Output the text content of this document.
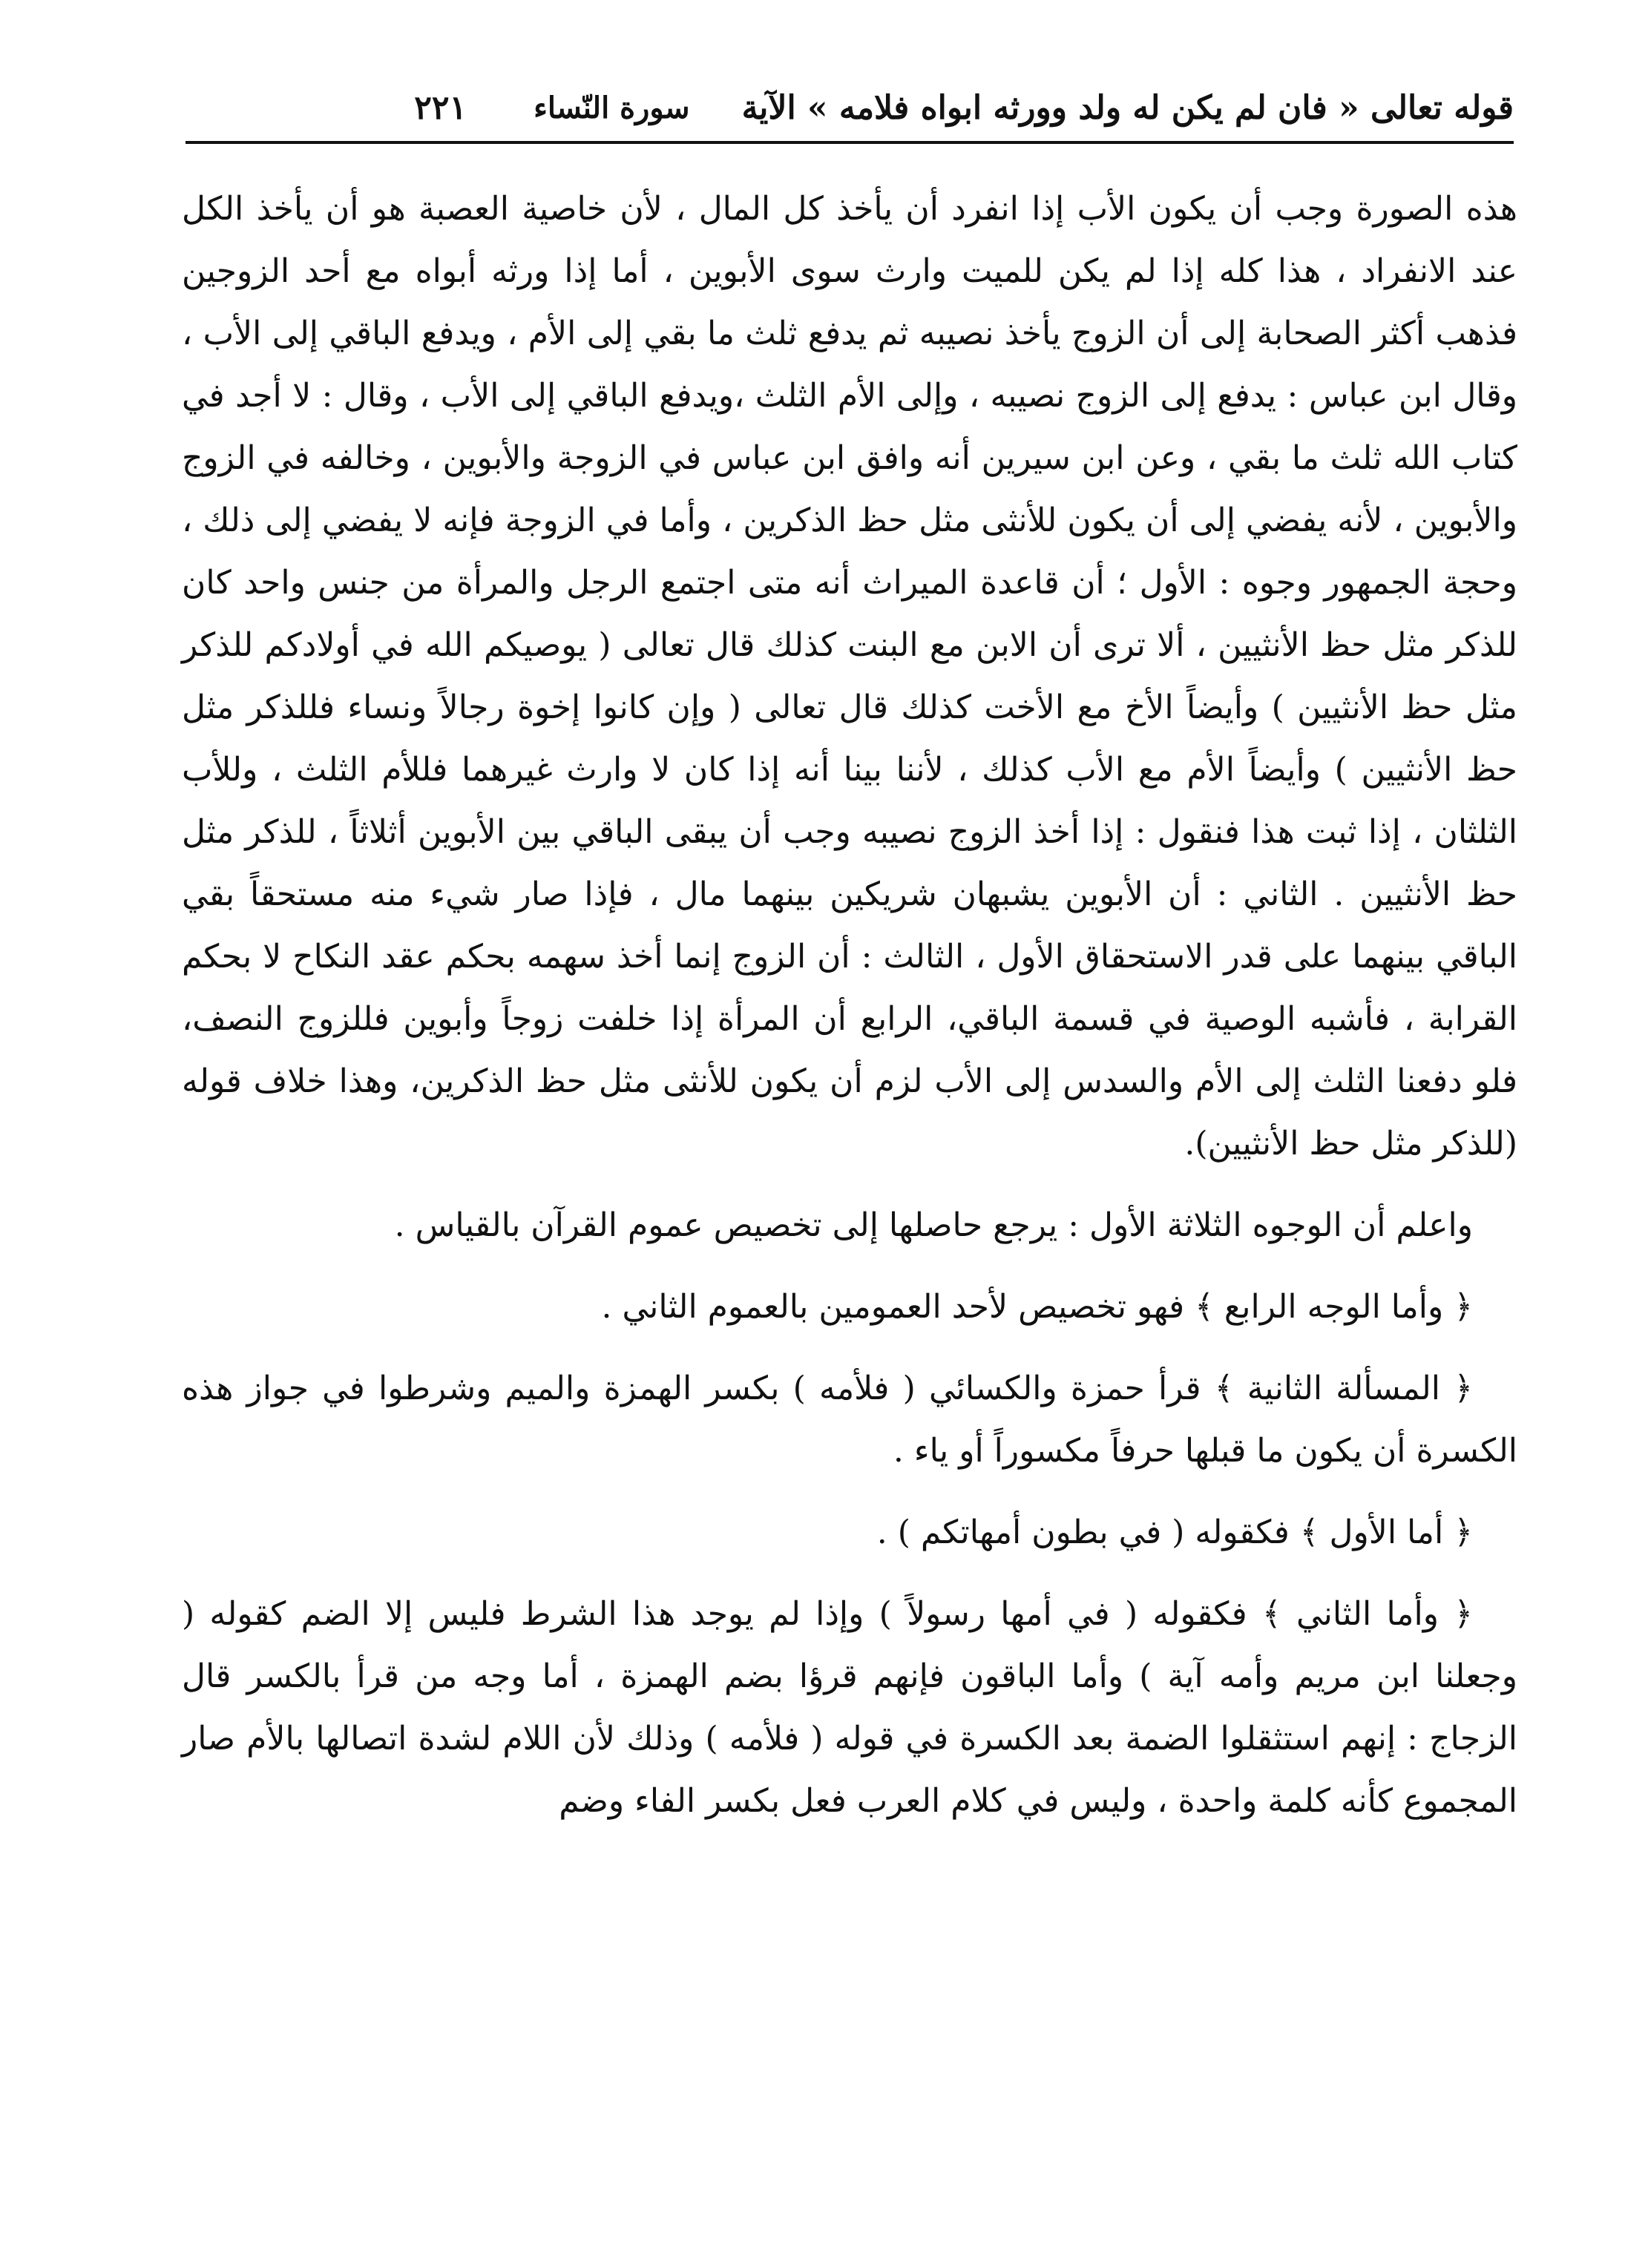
قوله تعالى « فان لم يكن له ولد وورثه ابواه فلامه » الآية
سورة النّساء
٢٢١

هذه الصورة وجب أن يكون الأب إذا انفرد أن يأخذ كل المال ، لأن خاصية العصبة هو أن يأخذ الكل عند الانفراد ، هذا كله إذا لم يكن للميت وارث سوى الأبوين ، أما إذا ورثه أبواه مع أحد الزوجين فذهب أكثر الصحابة إلى أن الزوج يأخذ نصيبه ثم يدفع ثلث ما بقي إلى الأم ، ويدفع الباقي إلى الأب ، وقال ابن عباس : يدفع إلى الزوج نصيبه ، وإلى الأم الثلث ،ويدفع الباقي إلى الأب ، وقال : لا أجد في كتاب الله ثلث ما بقي ، وعن ابن سيرين أنه وافق ابن عباس في الزوجة والأبوين ، وخالفه في الزوج والأبوين ، لأنه يفضي إلى أن يكون للأنثى مثل حظ الذكرين ، وأما في الزوجة فإنه لا يفضي إلى ذلك ، وحجة الجمهور وجوه : الأول ؛ أن قاعدة الميراث أنه متى اجتمع الرجل والمرأة من جنس واحد كان للذكر مثل حظ الأنثيين ، ألا ترى أن الابن مع البنت كذلك قال تعالى ( يوصيكم الله في أولادكم للذكر مثل حظ الأنثيين ) وأيضاً الأخ مع الأخت كذلك قال تعالى ( وإن كانوا إخوة رجالاً ونساء فللذكر مثل حظ الأنثيين ) وأيضاً الأم مع الأب كذلك ، لأننا بينا أنه إذا كان لا وارث غيرهما فللأم الثلث ، وللأب الثلثان ، إذا ثبت هذا فنقول : إذا أخذ الزوج نصيبه وجب أن يبقى الباقي بين الأبوين أثلاثاً ، للذكر مثل حظ الأنثيين . الثاني : أن الأبوين يشبهان شريكين بينهما مال ، فإذا صار شيء منه مستحقاً بقي الباقي بينهما على قدر الاستحقاق الأول ، الثالث : أن الزوج إنما أخذ سهمه بحكم عقد النكاح لا بحكم القرابة ، فأشبه الوصية في قسمة الباقي، الرابع أن المرأة إذا خلفت زوجاً وأبوين فللزوج النصف، فلو دفعنا الثلث إلى الأم والسدس إلى الأب لزم أن يكون للأنثى مثل حظ الذكرين، وهذا خلاف قوله (للذكر مثل حظ الأنثيين).

واعلم أن الوجوه الثلاثة الأول : يرجع حاصلها إلى تخصيص عموم القرآن بالقياس .

﴿ وأما الوجه الرابع ﴾ فهو تخصيص لأحد العمومين بالعموم الثاني .

﴿ المسألة الثانية ﴾ قرأ حمزة والكسائي ( فلأمه ) بكسر الهمزة والميم وشرطوا في جواز هذه الكسرة أن يكون ما قبلها حرفاً مكسوراً أو ياء .

﴿ أما الأول ﴾ فكقوله ( في بطون أمهاتكم ) .

﴿ وأما الثاني ﴾ فكقوله ( في أمها رسولاً ) وإذا لم يوجد هذا الشرط فليس إلا الضم كقوله ( وجعلنا ابن مريم وأمه آية ) وأما الباقون فإنهم قرؤا بضم الهمزة ، أما وجه من قرأ بالكسر قال الزجاج : إنهم استثقلوا الضمة بعد الكسرة في قوله ( فلأمه ) وذلك لأن اللام لشدة اتصالها بالأم صار المجموع كأنه كلمة واحدة ، وليس في كلام العرب فعل بكسر الفاء وضم
